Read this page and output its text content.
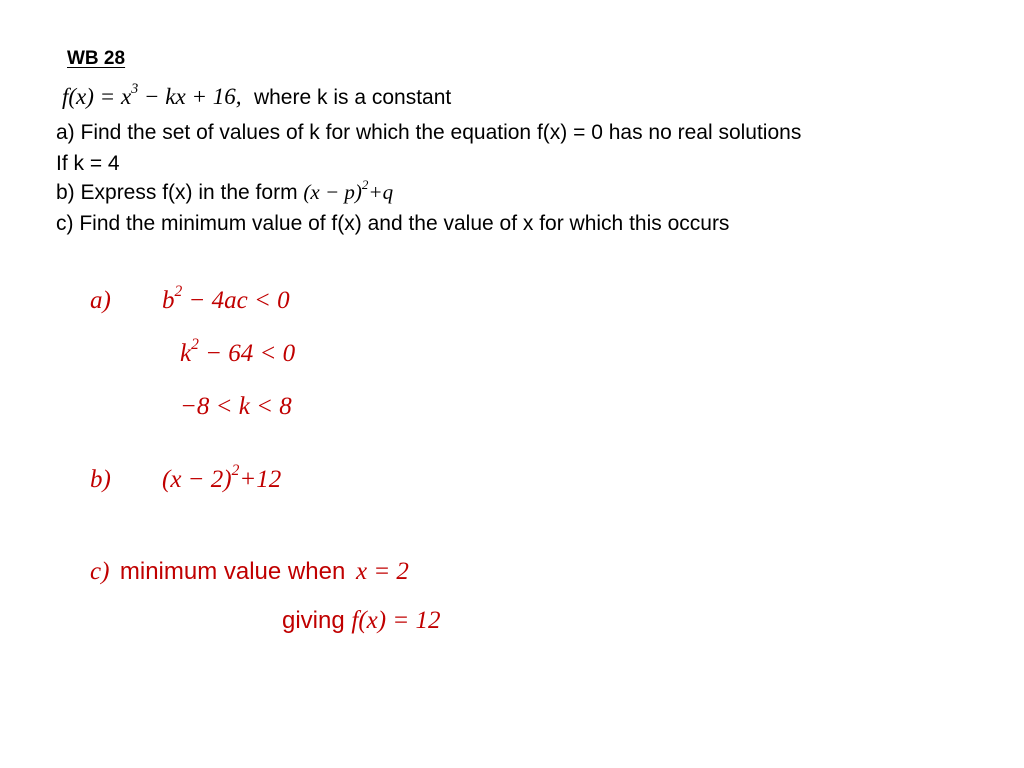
WB 28
$f(x) = x^3$ − kx + 16, where k is a constant
a) Find the set of values of k for which the equation f(x) = 0 has no real solutions
If k = 4
b) Express f(x) in the form $(x - p)^2+q$
c) Find the minimum value of f(x) and the value of x for which this occurs
a) $b^2 - 4ac < 0$
$k^2 - 64 < 0$
−8 < k < 8
b) $(x - 2)^2+12$
c) minimum value when x = 2
giving f(x) = 12
